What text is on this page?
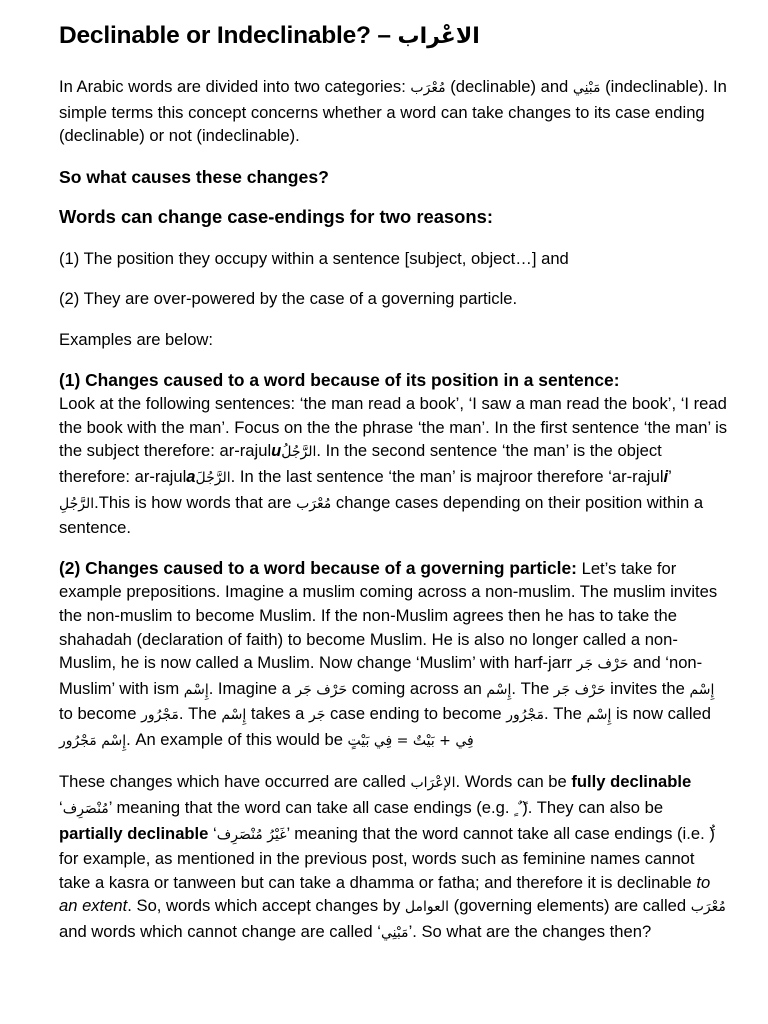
Declinable or Indeclinable? – الاعْراب

In Arabic words are divided into two categories: مُعْرَب (declinable) and مَبْنِي (indeclinable). In simple terms this concept concerns whether a word can take changes to its case ending (declinable) or not (indeclinable).

So what causes these changes?

Words can change case-endings for two reasons:

(1) The position they occupy within a sentence [subject, object…] and

(2) They are over-powered by the case of a governing particle.

Examples are below:

(1) Changes caused to a word because of its position in a sentence:
Look at the following sentences: ‘the man read a book’, ‘I saw a man read the book’, ‘I read the book with the man’. Focus on the the phrase ‘the man’. In the first sentence ‘the man’ is the subject therefore: ar-rajuluالرَّجُلُ. In the second sentence ‘the man’ is the object therefore: ar-rajulaالرَّجُلَ. In the last sentence ‘the man’ is majroor therefore ‘ar-rajuli’ الرَّجُلِ.This is how words that are مُعْرَب change cases depending on their position within a sentence.

(2) Changes caused to a word because of a governing particle: Let’s take for example prepositions. Imagine a muslim coming across a non-muslim. The muslim invites the non-muslim to become Muslim. If the non-Muslim agrees then he has to take the shahadah (declaration of faith) to become Muslim. He is also no longer called a non-Muslim, he is now called a Muslim. Now change ‘Muslim’ with harf-jarr حَرْف جَر and ‘non-Muslim’ with ism إِسْم. Imagine a حَرْف جَر coming across an إِسْم. The حَرْف جَر invites the إِسْم to become مَجْرُور. The إِسْم takes a جَر case ending to become مَجْرُور. The إِسْم is now called إِسْم مَجْرُور. An example of this would be فِي + بَيْتٌ = فِي بَيْتٍ

These changes which have occurred are called الإعْرَاب. Words can be fully declinable ‘مُنْصَرِف’ meaning that the word can take all case endings (e.g. ً ٌ ٍ). They can also be partially declinable ‘غَيْرُ مُنْصَرِف’ meaning that the word cannot take all case endings (i.e. ) for example, as mentioned in the previous post, words such as feminine names cannot take a kasra or tanween but can take a dhamma or fatha; and therefore it is declinable to an extent. So, words which accept changes by العوامل (governing elements) are called مُعْرَب and words which cannot change are called ‘مَبْنِي’. So what are the changes then?
